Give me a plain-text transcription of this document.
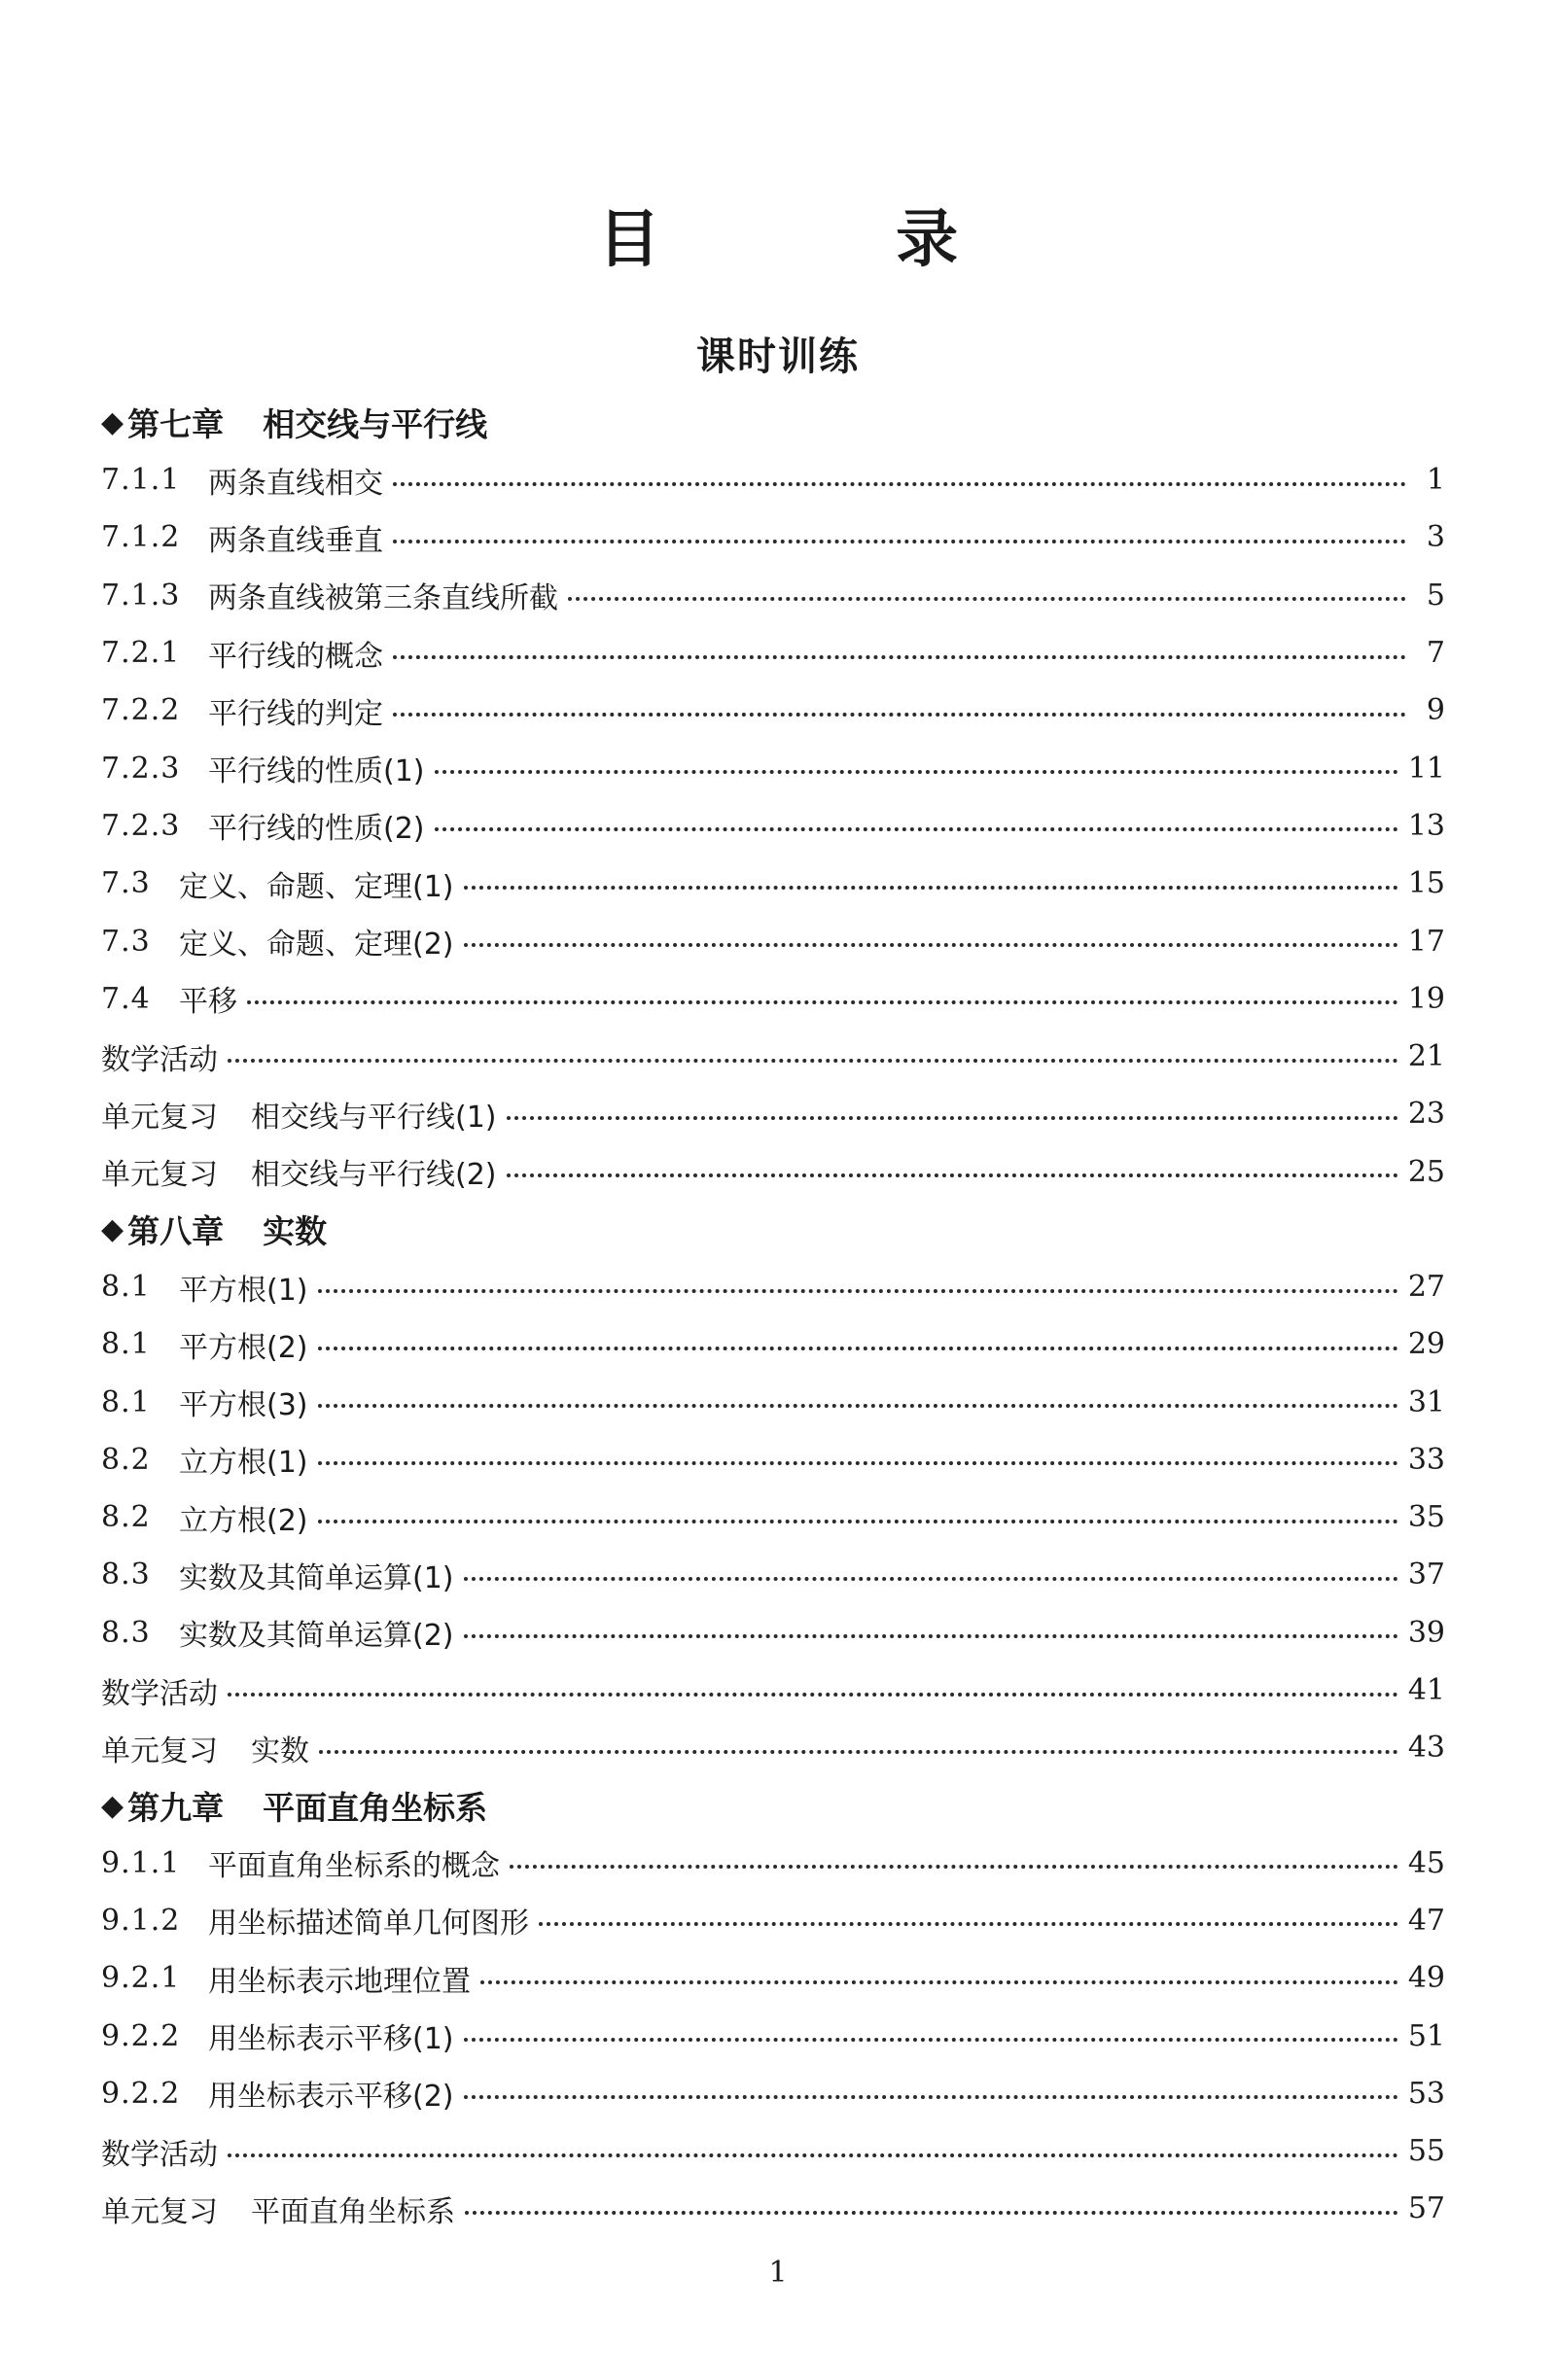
目 录
课时训练
◆ 第七章 相交线与平行线
7.1.1 两条直线相交	1
7.1.2 两条直线垂直	3
7.1.3 两条直线被第三条直线所截	5
7.2.1 平行线的概念	7
7.2.2 平行线的判定	9
7.2.3 平行线的性质(1)	11
7.2.3 平行线的性质(2)	13
7.3 定义、命题、定理(1)	15
7.3 定义、命题、定理(2)	17
7.4 平移	19
数学活动	21
单元复习 相交线与平行线(1)	23
单元复习 相交线与平行线(2)	25
◆ 第八章 实数
8.1 平方根(1)	27
8.1 平方根(2)	29
8.1 平方根(3)	31
8.2 立方根(1)	33
8.2 立方根(2)	35
8.3 实数及其简单运算(1)	37
8.3 实数及其简单运算(2)	39
数学活动	41
单元复习 实数	43
◆ 第九章 平面直角坐标系
9.1.1 平面直角坐标系的概念	45
9.1.2 用坐标描述简单几何图形	47
9.2.1 用坐标表示地理位置	49
9.2.2 用坐标表示平移(1)	51
9.2.2 用坐标表示平移(2)	53
数学活动	55
单元复习 平面直角坐标系	57
1
